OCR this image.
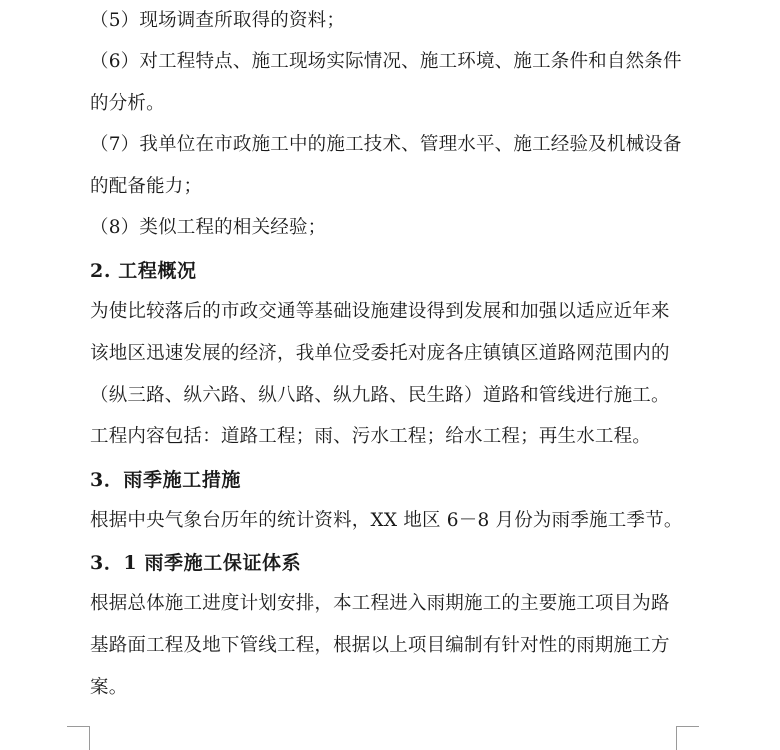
（5）现场调查所取得的资料；
（6）对工程特点、施工现场实际情况、施工环境、施工条件和自然条件
的分析。
（7）我单位在市政施工中的施工技术、管理水平、施工经验及机械设备
的配备能力；
（8）类似工程的相关经验；
2. 工程概况
为使比较落后的市政交通等基础设施建设得到发展和加强以适应近年来
该地区迅速发展的经济，我单位受委托对庞各庄镇镇区道路网范围内的
（纵三路、纵六路、纵八路、纵九路、民生路）道路和管线进行施工。
工程内容包括：道路工程；雨、污水工程；给水工程；再生水工程。
3．雨季施工措施
根据中央气象台历年的统计资料，XX 地区 6－8 月份为雨季施工季节。
3．1 雨季施工保证体系
根据总体施工进度计划安排，本工程进入雨期施工的主要施工项目为路
基路面工程及地下管线工程，根据以上项目编制有针对性的雨期施工方
案。
